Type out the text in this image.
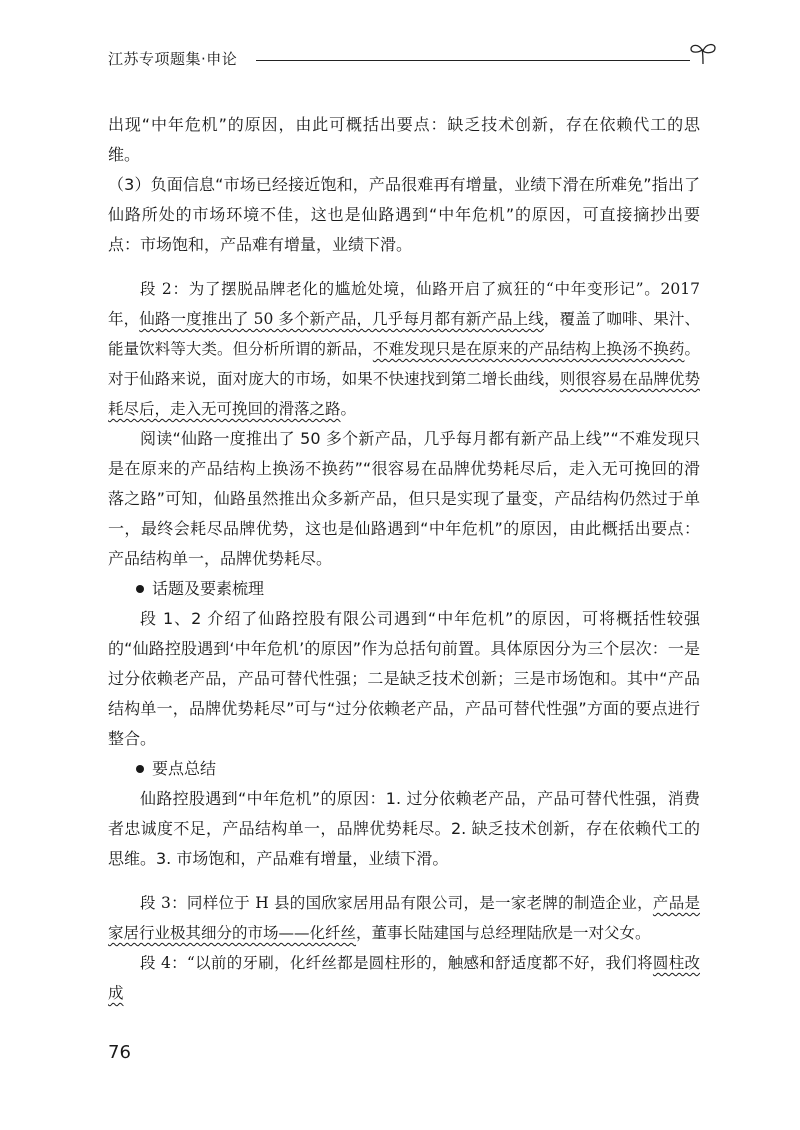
江苏专项题集·申论

出现“中年危机”的原因，由此可概括出要点：缺乏技术创新，存在依赖代工的思维。

（3）负面信息“市场已经接近饱和，产品很难再有增量，业绩下滑在所难免”指出了仙路所处的市场环境不佳，这也是仙路遇到“中年危机”的原因，可直接摘抄出要点：市场饱和，产品难有增量，业绩下滑。

段 2：为了摆脱品牌老化的尴尬处境，仙路开启了疯狂的“中年变形记”。2017 年，仙路一度推出了 50 多个新产品，几乎每月都有新产品上线，覆盖了咖啡、果汁、能量饮料等大类。但分析所谓的新品，不难发现只是在原来的产品结构上换汤不换药。对于仙路来说，面对庞大的市场，如果不快速找到第二增长曲线，则很容易在品牌优势耗尽后，走入无可挽回的滑落之路。

阅读“仙路一度推出了 50 多个新产品，几乎每月都有新产品上线”“不难发现只是在原来的产品结构上换汤不换药”“很容易在品牌优势耗尽后，走入无可挽回的滑落之路”可知，仙路虽然推出众多新产品，但只是实现了量变，产品结构仍然过于单一，最终会耗尽品牌优势，这也是仙路遇到“中年危机”的原因，由此概括出要点：产品结构单一，品牌优势耗尽。

话题及要素梳理

段 1、2 介绍了仙路控股有限公司遇到“中年危机”的原因，可将概括性较强的“仙路控股遇到‘中年危机’的原因”作为总括句前置。具体原因分为三个层次：一是过分依赖老产品，产品可替代性强；二是缺乏技术创新；三是市场饱和。其中“产品结构单一，品牌优势耗尽”可与“过分依赖老产品，产品可替代性强”方面的要点进行整合。

要点总结

仙路控股遇到“中年危机”的原因：1. 过分依赖老产品，产品可替代性强，消费者忠诚度不足，产品结构单一，品牌优势耗尽。2. 缺乏技术创新，存在依赖代工的思维。3. 市场饱和，产品难有增量，业绩下滑。

段 3：同样位于 H 县的国欣家居用品有限公司，是一家老牌的制造企业，产品是家居行业极其细分的市场——化纤丝，董事长陆建国与总经理陆欣是一对父女。

段 4：“以前的牙刷，化纤丝都是圆柱形的，触感和舒适度都不好，我们将圆柱改成

76
